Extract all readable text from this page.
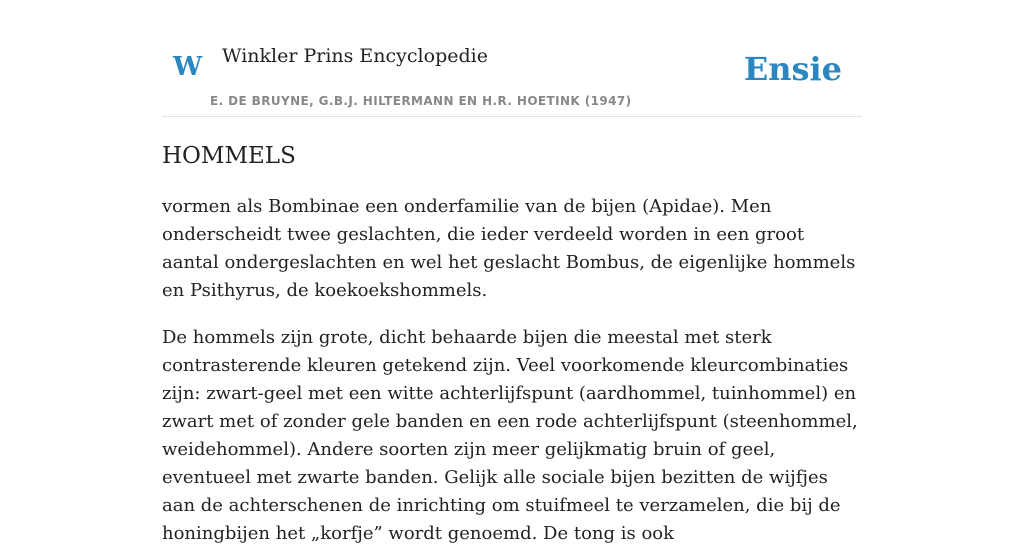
W Winkler Prins Encyclopedie
E. DE BRUYNE, G.B.J. HILTERMANN EN H.R. HOETINK (1947)
Ensie
HOMMELS

vormen als Bombinae een onderfamilie van de bijen (Apidae). Men onderscheidt twee geslachten, die ieder verdeeld worden in een groot aantal ondergeslachten en wel het geslacht Bombus, de eigenlijke hommels en Psithyrus, de koekoekshommels.

De hommels zijn grote, dicht behaarde bijen die meestal met sterk contrasterende kleuren getekend zijn. Veel voorkomende kleurcombinaties zijn: zwart-geel met een witte achterlijfspunt (aardhommel, tuinhommel) en zwart met of zonder gele banden en een rode achterlijfspunt (steenhommel, weidehommel). Andere soorten zijn meer gelijkmatig bruin of geel, eventueel met zwarte banden. Gelijk alle sociale bijen bezitten de wijfjes aan de achterschenen de inrichting om stuifmeel te verzamelen, die bij de honingbijen het „korfje” wordt genoemd. De tong is ook
